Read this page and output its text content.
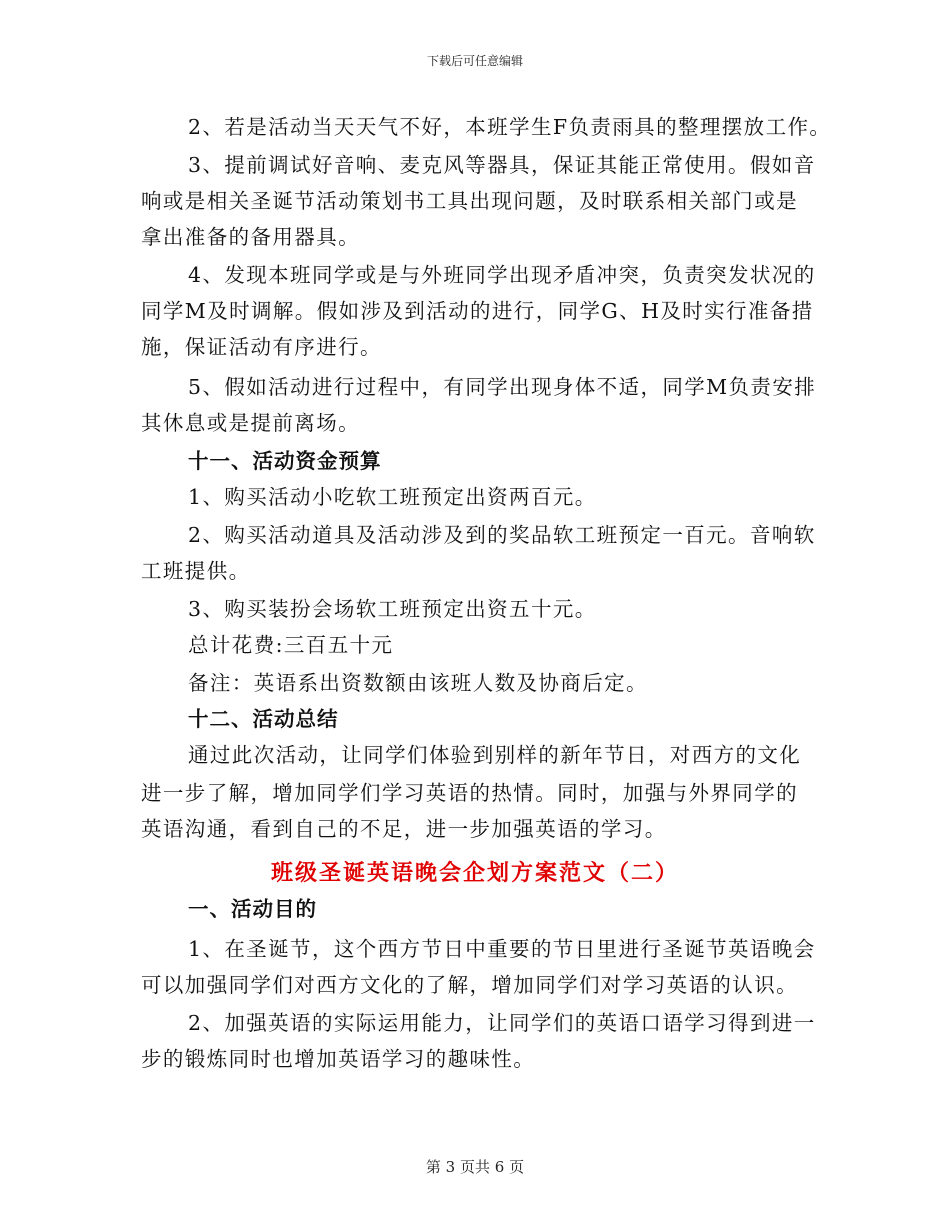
下载后可任意编辑
2、若是活动当天天气不好，本班学生F负责雨具的整理摆放工作。
3、提前调试好音响、麦克风等器具，保证其能正常使用。假如音
响或是相关圣诞节活动策划书工具出现问题，及时联系相关部门或是
拿出准备的备用器具。
4、发现本班同学或是与外班同学出现矛盾冲突，负责突发状况的
同学M及时调解。假如涉及到活动的进行，同学G、H及时实行准备措
施，保证活动有序进行。
5、假如活动进行过程中，有同学出现身体不适，同学M负责安排
其休息或是提前离场。
十一、活动资金预算
1、购买活动小吃软工班预定出资两百元。
2、购买活动道具及活动涉及到的奖品软工班预定一百元。音响软
工班提供。
3、购买装扮会场软工班预定出资五十元。
总计花费:三百五十元
备注：英语系出资数额由该班人数及协商后定。
十二、活动总结
通过此次活动，让同学们体验到别样的新年节日，对西方的文化
进一步了解，增加同学们学习英语的热情。同时，加强与外界同学的
英语沟通，看到自己的不足，进一步加强英语的学习。
班级圣诞英语晚会企划方案范文（二）
一、活动目的
1、在圣诞节，这个西方节日中重要的节日里进行圣诞节英语晚会
可以加强同学们对西方文化的了解，增加同学们对学习英语的认识。
2、加强英语的实际运用能力，让同学们的英语口语学习得到进一
步的锻炼同时也增加英语学习的趣味性。
第 3 页共 6 页
